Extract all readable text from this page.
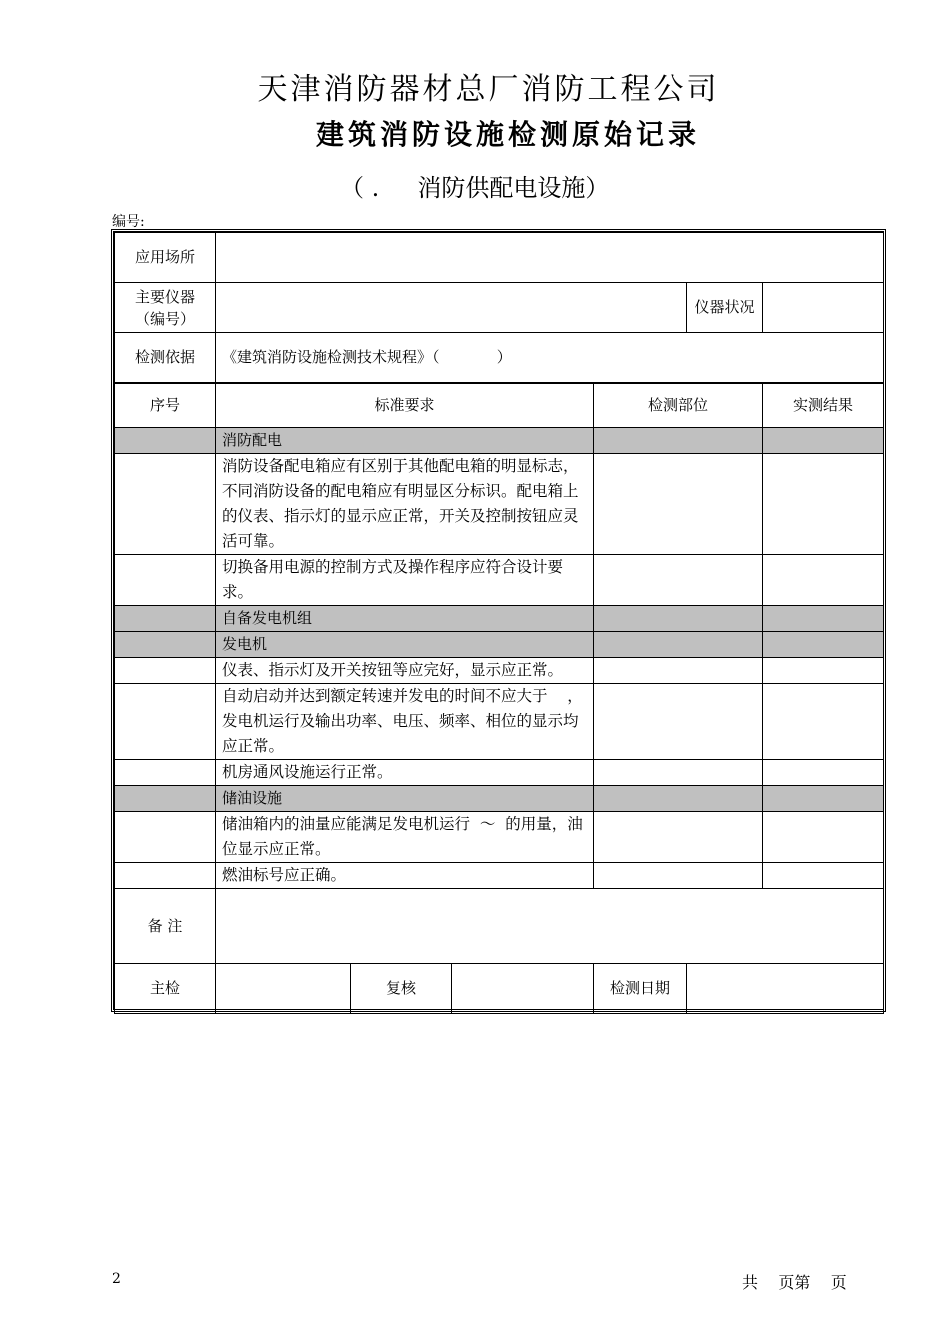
天津消防器材总厂消防工程公司
建筑消防设施检测原始记录
（ .     消防供配电设施）
编号:
应用场所						
主要仪器
（编号）					仪器状况	
检测依据	《建筑消防设施检测技术规程》（            ）					
序号	标准要求			检测部位		实测结果
	消防配电					
	消防设备配电箱应有区别于其他配电箱的明显标志，不同消防设备的配电箱应有明显区分标识。配电箱上的仪表、指示灯的显示应正常，开关及控制按钮应灵活可靠。					
	切换备用电源的控制方式及操作程序应符合设计要求。					
	自备发电机组					
	发电机					
	仪表、指示灯及开关按钮等应完好，显示应正常。					
	自动启动并达到额定转速并发电的时间不应大于    ，发电机运行及输出功率、电压、频率、相位的显示均应正常。					
	机房通风设施运行正常。					
	储油设施					
	储油箱内的油量应能满足发电机运行  ～  的用量，油位显示应正常。					
	燃油标号应正确。					
备 注						
主检		复核		检测日期		
2	共    页第    页
